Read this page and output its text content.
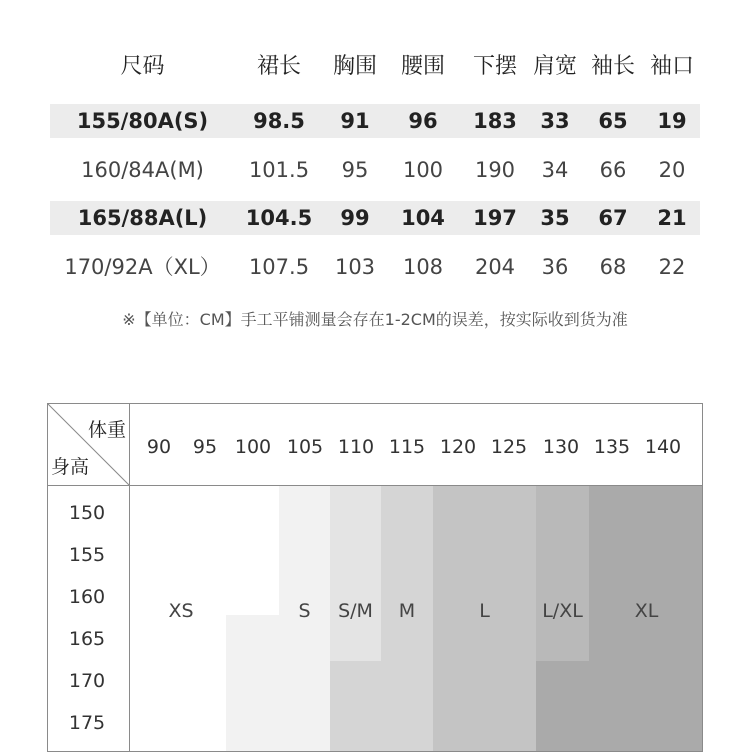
尺码	裙长	胸围	腰围	下摆 肩宽 袖长 袖口
155/80A(S)	98.5	91	96	183	33	65	19
160/84A(M)	101.5	95	100	190	34	66	20
165/88A(L)	104.5	99	104	197	35	67	21
170/92A（XL）	107.5	103	108	204	36	68	22
※【单位：CM】手工平铺测量会存在1-2CM的误差，按实际收到货为准
体重
身高
90	95 100 105 110 115 120 125 130 135 140
150
155
160
165
170
175
XS	S	S/M	M	L	L/XL	XL
